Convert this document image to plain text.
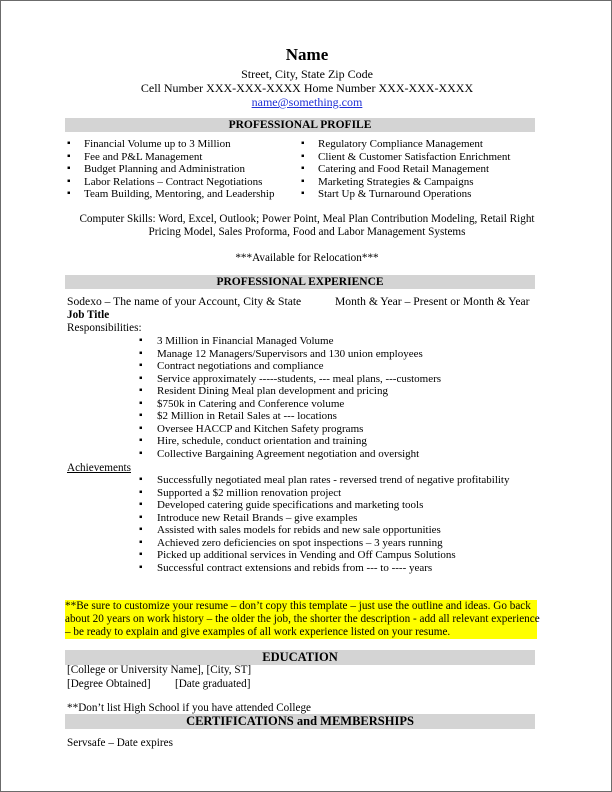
Name
Street, City, State Zip Code
Cell Number XXX-XXX-XXXX Home Number XXX-XXX-XXXX
name@something.com
PROFESSIONAL PROFILE
▪ Financial Volume up to 3 Million
▪ Fee and P&L Management
▪ Budget Planning and Administration
▪ Labor Relations – Contract Negotiations
▪ Team Building, Mentoring, and Leadership
▪ Regulatory Compliance Management
▪ Client & Customer Satisfaction Enrichment
▪ Catering and Food Retail Management
▪ Marketing Strategies & Campaigns
▪ Start Up & Turnaround Operations
Computer Skills: Word, Excel, Outlook; Power Point, Meal Plan Contribution Modeling, Retail Right
Pricing Model, Sales Proforma, Food and Labor Management Systems
***Available for Relocation***
PROFESSIONAL EXPERIENCE
Sodexo – The name of your Account, City & State	Month & Year – Present or Month & Year
Job Title
Responsibilities:
▪ 3 Million in Financial Managed Volume
▪ Manage 12 Managers/Supervisors and 130 union employees
▪ Contract negotiations and compliance
▪ Service approximately -----students, --- meal plans, ---customers
▪ Resident Dining Meal plan development and pricing
▪ $750k in Catering and Conference volume
▪ $2 Million in Retail Sales at --- locations
▪ Oversee HACCP and Kitchen Safety programs
▪ Hire, schedule, conduct orientation and training
▪ Collective Bargaining Agreement negotiation and oversight
Achievements
▪ Successfully negotiated meal plan rates - reversed trend of negative profitability
▪ Supported a $2 million renovation project
▪ Developed catering guide specifications and marketing tools
▪ Introduce new Retail Brands – give examples
▪ Assisted with sales models for rebids and new sale opportunities
▪ Achieved zero deficiencies on spot inspections – 3 years running
▪ Picked up additional services in Vending and Off Campus Solutions
▪ Successful contract extensions and rebids from --- to ---- years
**Be sure to customize your resume – don’t copy this template – just use the outline and ideas. Go back
about 20 years on work history – the older the job, the shorter the description - add all relevant experience
– be ready to explain and give examples of all work experience listed on your resume.
EDUCATION
[College or University Name], [City, ST]
[Degree Obtained] [Date graduated]
**Don’t list High School if you have attended College
CERTIFICATIONS and MEMBERSHIPS
Servsafe – Date expires
